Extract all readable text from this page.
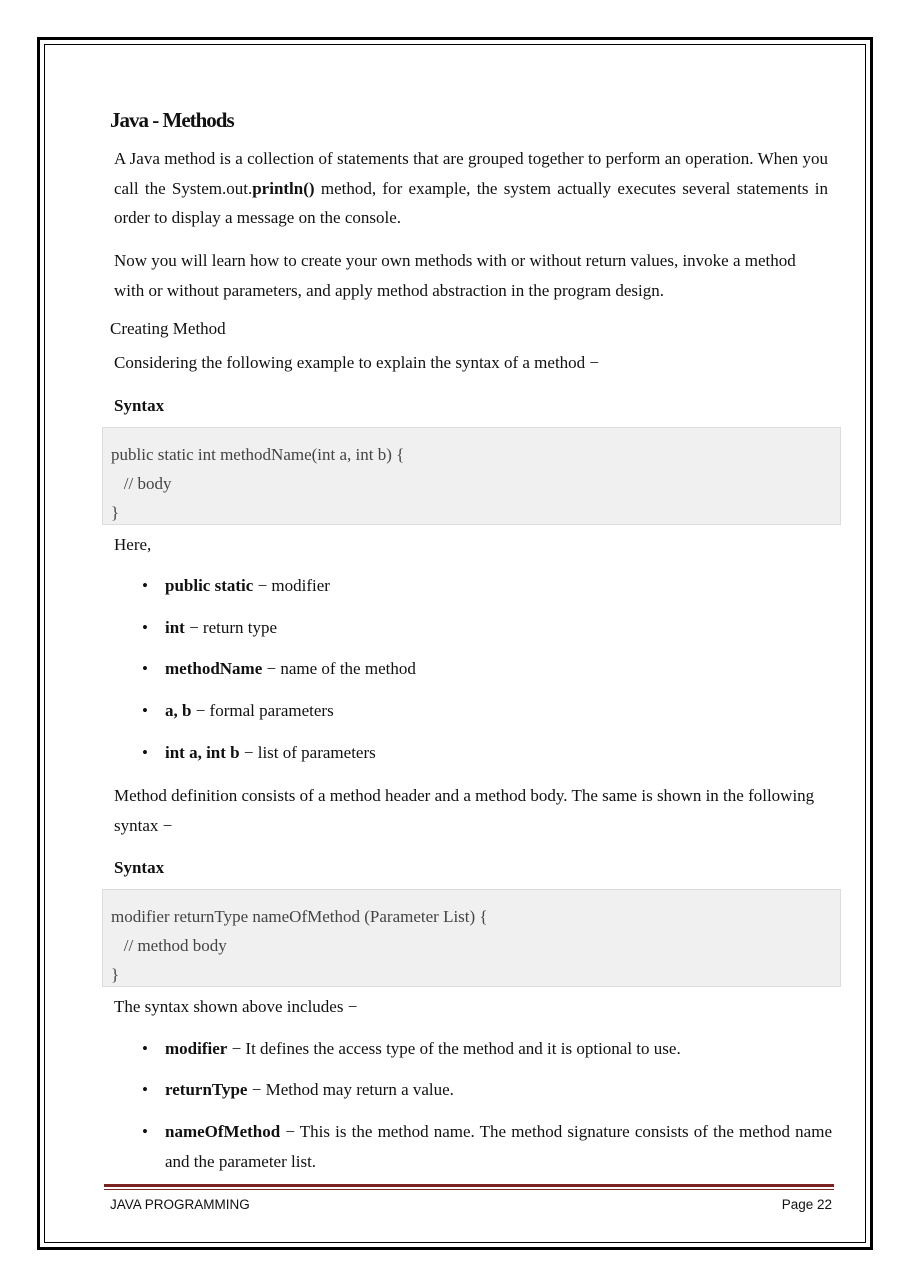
Java - Methods

A Java method is a collection of statements that are grouped together to perform an operation. When you call the System.out.println() method, for example, the system actually executes several statements in order to display a message on the console.

Now you will learn how to create your own methods with or without return values, invoke a method with or without parameters, and apply method abstraction in the program design.

Creating Method

Considering the following example to explain the syntax of a method −

Syntax

public static int methodName(int a, int b) {
// body
}

Here,

•	public static − modifier
•	int − return type
•	methodName − name of the method
•	a, b − formal parameters
•	int a, int b − list of parameters

Method definition consists of a method header and a method body. The same is shown in the following syntax −

Syntax

modifier returnType nameOfMethod (Parameter List) {
// method body
}

The syntax shown above includes −

•	modifier − It defines the access type of the method and it is optional to use.
•	returnType − Method may return a value.
•	nameOfMethod − This is the method name. The method signature consists of the method name and the parameter list.

JAVA PROGRAMMING	Page 22
